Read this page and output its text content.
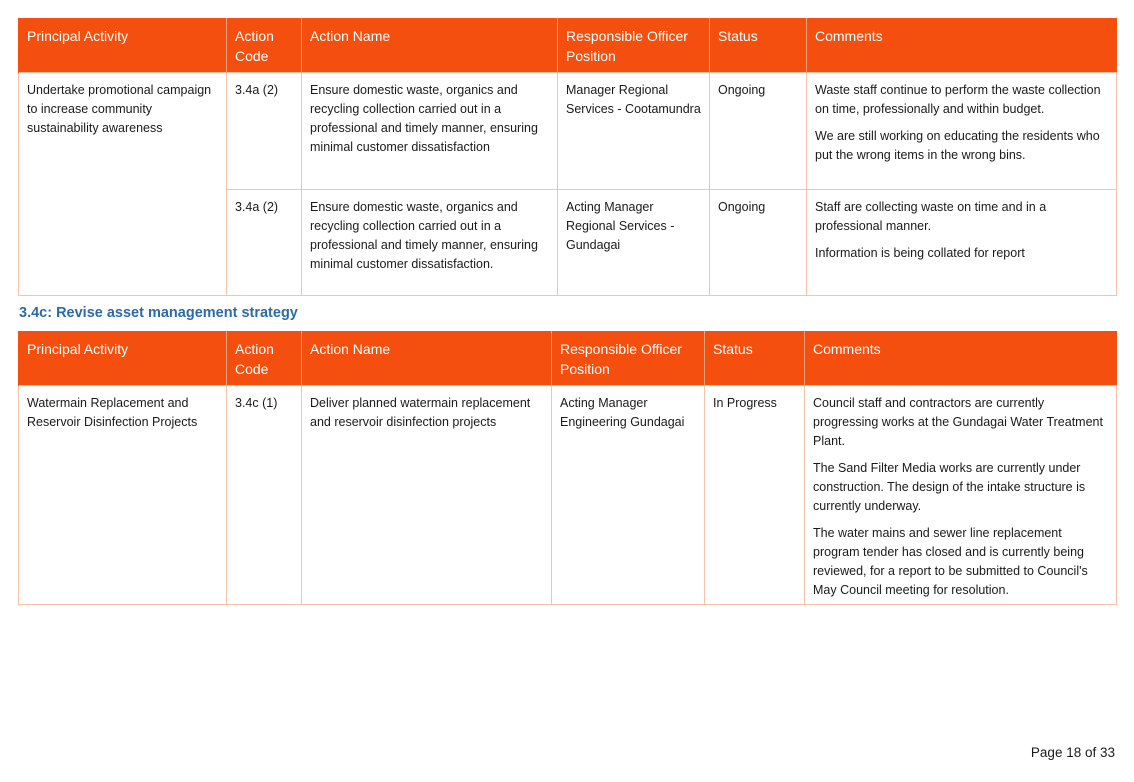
Principal Activity	Action Code	Action Name	Responsible Officer Position	Status	Comments
Undertake promotional campaign to increase community sustainability awareness	3.4a (2)	Ensure domestic waste, organics and recycling collection carried out in a professional and timely manner, ensuring minimal customer dissatisfaction	Manager Regional Services - Cootamundra	Ongoing	Waste staff continue to perform the waste collection on time, professionally and within budget.

We are still working on educating the residents who put the wrong items in the wrong bins.

	3.4a (2)	Ensure domestic waste, organics and recycling collection carried out in a professional and timely manner, ensuring minimal customer dissatisfaction.	Acting Manager Regional Services - Gundagai	Ongoing	Staff are collecting waste on time and in a professional manner.

Information is being collated for report

3.4c: Revise asset management strategy
Principal Activity	Action Code	Action Name	Responsible Officer Position	Status	Comments
Watermain Replacement and Reservoir Disinfection Projects	3.4c (1)	Deliver planned watermain replacement and reservoir disinfection projects	Acting Manager Engineering Gundagai	In Progress	Council staff and contractors are currently progressing works at the Gundagai Water Treatment Plant.

The Sand Filter Media works are currently under construction. The design of the intake structure is currently underway.

The water mains and sewer line replacement program tender has closed and is currently being reviewed, for a report to be submitted to Council's May Council meeting for resolution.

Page 18 of 33
